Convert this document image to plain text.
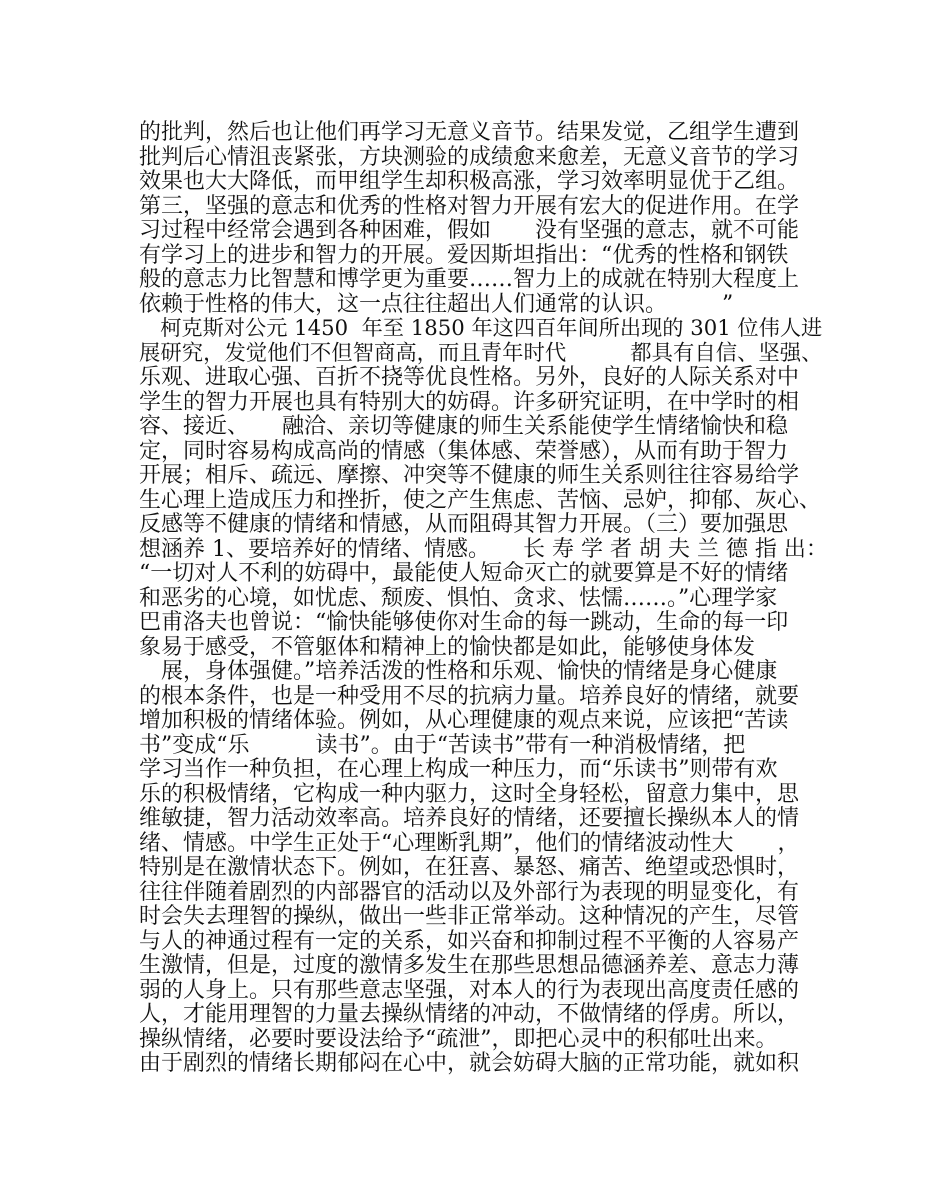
的批判，然后也让他们再学习无意义音节。结果发觉，乙组学生遭到
批判后心情沮丧紧张，方块测验的成绩愈来愈差，无意义音节的学习
效果也大大降低，而甲组学生却积极高涨，学习效率明显优于乙组。
第三，坚强的意志和优秀的性格对智力开展有宏大的促进作用。在学
习过程中经常会遇到各种困难，假如　　没有坚强的意志，就不可能
有学习上的进步和智力的开展。爱因斯坦指出：“优秀的性格和钢铁
般的意志力比智慧和博学更为重要……智力上的成就在特别大程度上
依赖于性格的伟大，这一点往往超出人们通常的认识。　　　”
　柯克斯对公元 1450  年至 1850 年这四百年间所出现的 301 位伟人进
展研究，发觉他们不但智商高，而且青年时代　　　都具有自信、坚强、
乐观、进取心强、百折不挠等优良性格。另外，良好的人际关系对中
学生的智力开展也具有特别大的妨碍。许多研究证明，在中学时的相
容、接近、　　融洽、亲切等健康的师生关系能使学生情绪愉快和稳
定，同时容易构成高尚的情感（集体感、荣誉感），从而有助于智力
开展；相斥、疏远、摩擦、冲突等不健康的师生关系则往往容易给学
生心理上造成压力和挫折，使之产生焦虑、苦恼、忌妒，抑郁、灰心、
反感等不健康的情绪和情感，从而阻碍其智力开展。（三）要加强思
想涵养 1、要培养好的情绪、情感。　　长 寿 学 者 胡 夫 兰 德 指 出：
“一切对人不利的妨碍中，最能使人短命灭亡的就要算是不好的情绪
和恶劣的心境，如忧虑、颓废、惧怕、贪求、怯懦……。”心理学家
巴甫洛夫也曾说：“愉快能够使你对生命的每一跳动，生命的每一印
象易于感受，不管躯体和精神上的愉快都是如此，能够使身体发
　展，身体强健。”培养活泼的性格和乐观、愉快的情绪是身心健康
的根本条件，也是一种受用不尽的抗病力量。培养良好的情绪，就要
增加积极的情绪体验。例如，从心理健康的观点来说，应该把“苦读
书”变成“乐　　　读书”。由于“苦读书”带有一种消极情绪，把
学习当作一种负担，在心理上构成一种压力，而“乐读书”则带有欢
乐的积极情绪，它构成一种内驱力，这时全身轻松，留意力集中，思
维敏捷，智力活动效率高。培养良好的情绪，还要擅长操纵本人的情
绪、情感。中学生正处于“心理断乳期”，他们的情绪波动性大　　，
特别是在激情状态下。例如，在狂喜、暴怒、痛苦、绝望或恐惧时，
往往伴随着剧烈的内部器官的活动以及外部行为表现的明显变化，有
时会失去理智的操纵，做出一些非正常举动。这种情况的产生，尽管
与人的神通过程有一定的关系，如兴奋和抑制过程不平衡的人容易产
生激情，但是，过度的激情多发生在那些思想品德涵养差、意志力薄
弱的人身上。只有那些意志坚强，对本人的行为表现出高度责任感的
人，才能用理智的力量去操纵情绪的冲动，不做情绪的俘虏。所以，
操纵情绪，必要时要设法给予“疏泄”，即把心灵中的积郁吐出来。
由于剧烈的情绪长期郁闷在心中，就会妨碍大脑的正常功能，就如积
